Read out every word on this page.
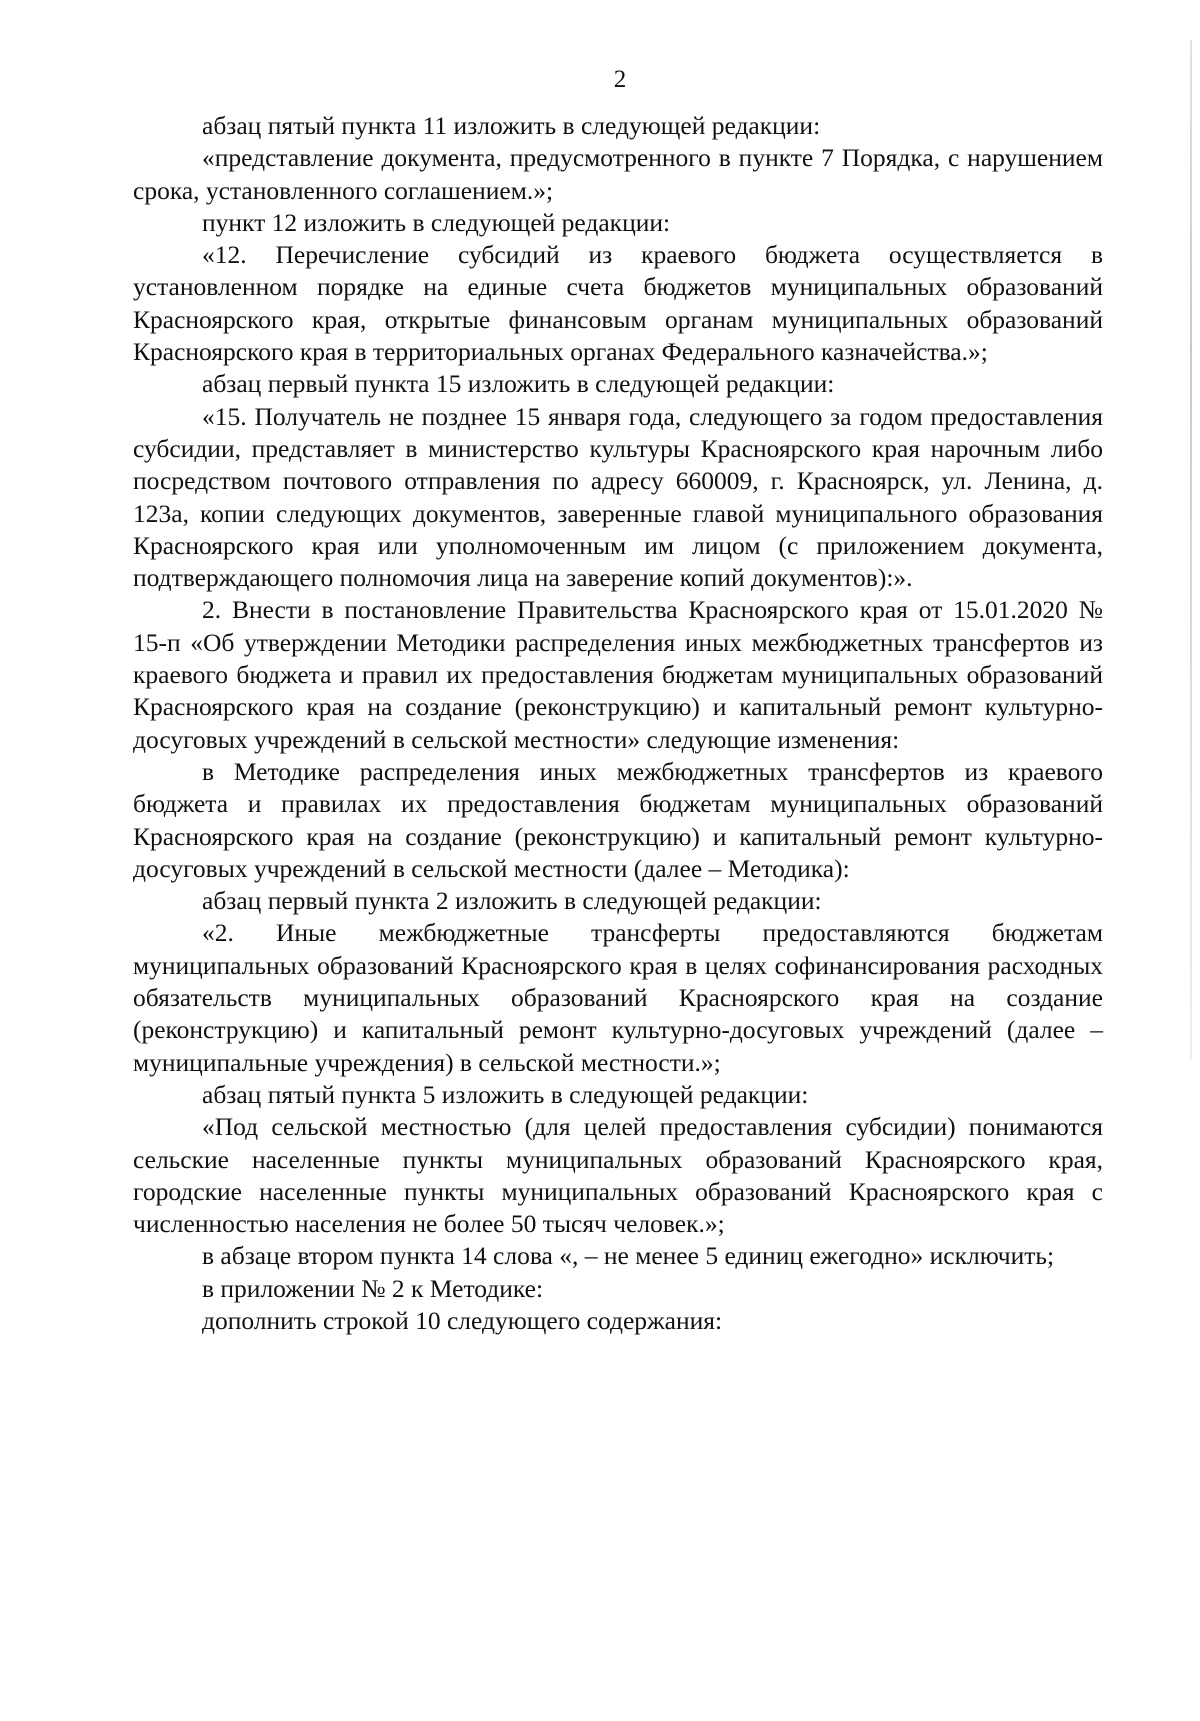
2

абзац пятый пункта 11 изложить в следующей редакции:

«представление документа, предусмотренного в пункте 7 Порядка, с нарушением срока, установленного соглашением.»;

пункт 12 изложить в следующей редакции:

«12. Перечисление субсидий из краевого бюджета осуществляется в установленном порядке на единые счета бюджетов муниципальных образований Красноярского края, открытые финансовым органам муниципальных образований Красноярского края в территориальных органах Федерального казначейства.»;

абзац первый пункта 15 изложить в следующей редакции:

«15. Получатель не позднее 15 января года, следующего за годом предоставления субсидии, представляет в министерство культуры Красноярского края нарочным либо посредством почтового отправления по адресу 660009, г. Красноярск, ул. Ленина, д. 123а, копии следующих документов, заверенные главой муниципального образования Красноярского края или уполномоченным им лицом (с приложением документа, подтверждающего полномочия лица на заверение копий документов):».

2. Внести в постановление Правительства Красноярского края от 15.01.2020 № 15-п «Об утверждении Методики распределения иных межбюджетных трансфертов из краевого бюджета и правил их предоставления бюджетам муниципальных образований Красноярского края на создание (реконструкцию) и капитальный ремонт культурно-досуговых учреждений в сельской местности» следующие изменения:

в Методике распределения иных межбюджетных трансфертов из краевого бюджета и правилах их предоставления бюджетам муниципальных образований Красноярского края на создание (реконструкцию) и капитальный ремонт культурно-досуговых учреждений в сельской местности (далее – Методика):

абзац первый пункта 2 изложить в следующей редакции:

«2. Иные межбюджетные трансферты предоставляются бюджетам муниципальных образований Красноярского края в целях софинансирования расходных обязательств муниципальных образований Красноярского края на создание (реконструкцию) и капитальный ремонт культурно-досуговых учреждений (далее – муниципальные учреждения) в сельской местности.»;

абзац пятый пункта 5 изложить в следующей редакции:

«Под сельской местностью (для целей предоставления субсидии) понимаются сельские населенные пункты муниципальных образований Красноярского края, городские населенные пункты муниципальных образований Красноярского края с численностью населения не более 50 тысяч человек.»;

в абзаце втором пункта 14 слова «, – не менее 5 единиц ежегодно» исключить;

в приложении № 2 к Методике:

дополнить строкой 10 следующего содержания:
